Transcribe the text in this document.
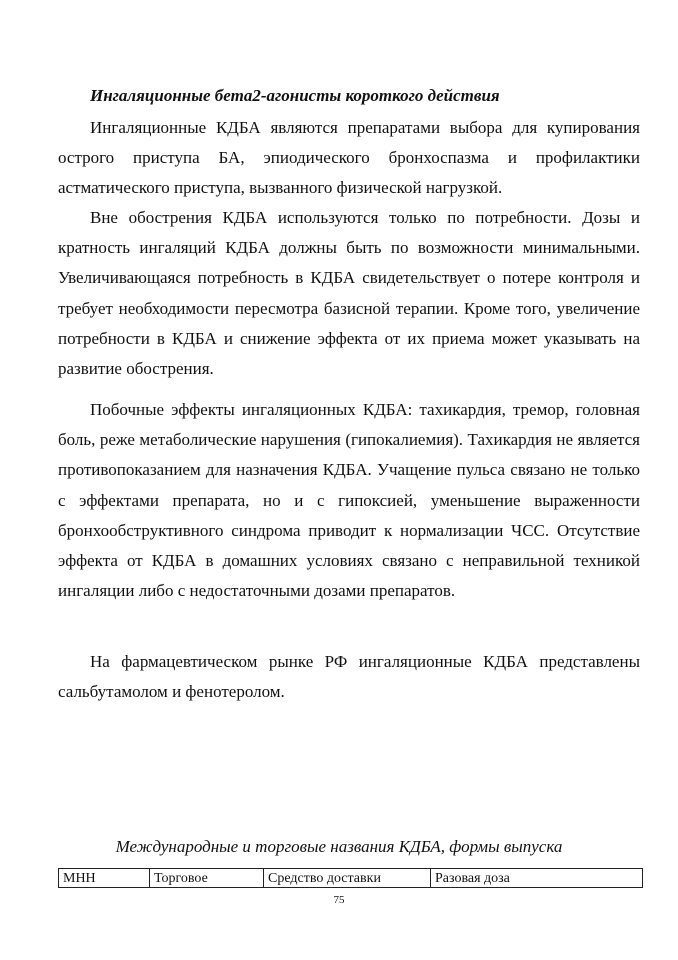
Ингаляционные бета2-агонисты короткого действия

Ингаляционные КДБА являются препаратами выбора для купирования острого приступа БА, эпиодического бронхоспазма и профилактики астматического приступа, вызванного физической нагрузкой.

Вне обострения КДБА используются только по потребности. Дозы и кратность ингаляций КДБА должны быть по возможности минимальными. Увеличивающаяся потребность в КДБА свидетельствует о потере контроля и требует необходимости пересмотра базисной терапии. Кроме того, увеличение потребности в КДБА и снижение эффекта от их приема может указывать на развитие обострения.

Побочные эффекты ингаляционных КДБА: тахикардия, тремор, головная боль, реже метаболические нарушения (гипокалиемия). Тахикардия не является противопоказанием для назначения КДБА. Учащение пульса связано не только с эффектами препарата, но и с гипоксией, уменьшение выраженности бронхообструктивного синдрома приводит к нормализации ЧСС. Отсутствие эффекта от КДБА в домашних условиях связано с неправильной техникой ингаляции либо с недостаточными дозами препаратов.

На фармацевтическом рынке РФ ингаляционные КДБА представлены сальбутамолом и фенотеролом.

Международные и торговые названия КДБА, формы выпуска
МНН	Торговое	Средство доставки	Разовая доза
75
